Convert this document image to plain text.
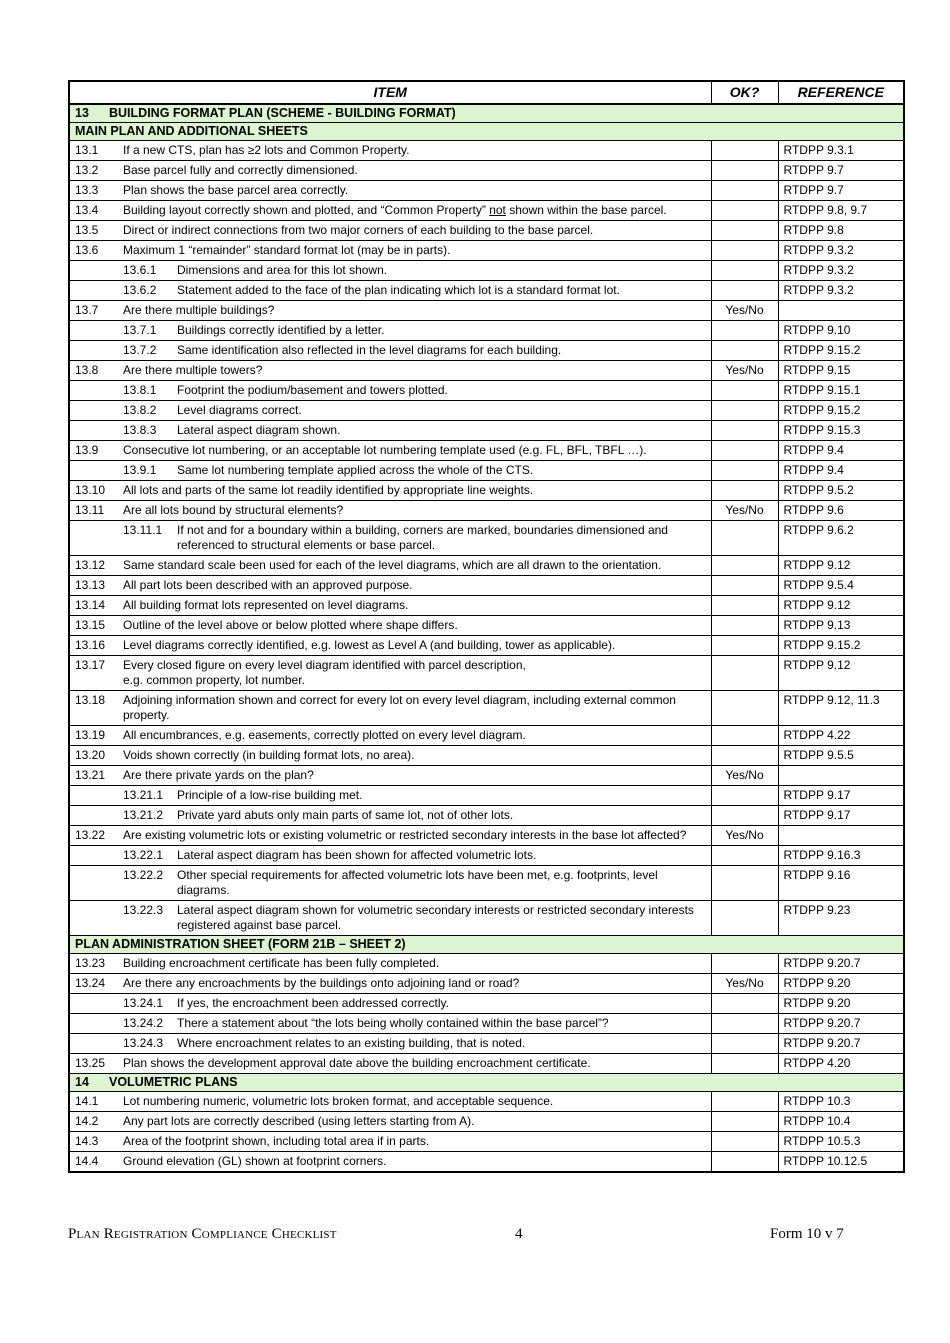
ITEM		OK?	REFERENCE
13 BUILDING FORMAT PLAN (SCHEME - BUILDING FORMAT)			
MAIN PLAN AND ADDITIONAL SHEETS			
13.1	If a new CTS, plan has ≥2 lots and Common Property.		RTDPP 9.3.1
13.2	Base parcel fully and correctly dimensioned.		RTDPP 9.7
13.3	Plan shows the base parcel area correctly.		RTDPP 9.7
13.4	Building layout correctly shown and plotted, and “Common Property” not shown within the base parcel.		RTDPP 9.8, 9.7
13.5	Direct or indirect connections from two major corners of each building to the base parcel.		RTDPP 9.8
13.6	Maximum 1 “remainder” standard format lot (may be in parts).		RTDPP 9.3.2

	13.6.1 Dimensions and area for this lot shown.		RTDPP 9.3.2

	13.6.2 Statement added to the face of the plan indicating which lot is a standard format lot.		RTDPP 9.3.2
13.7	Are there multiple buildings?	Yes/No	

	13.7.1 Buildings correctly identified by a letter.		RTDPP 9.10

	13.7.2 Same identification also reflected in the level diagrams for each building.		RTDPP 9.15.2
13.8	Are there multiple towers?	Yes/No	RTDPP 9.15

	13.8.1 Footprint the podium/basement and towers plotted.		RTDPP 9.15.1

	13.8.2 Level diagrams correct.		RTDPP 9.15.2

	13.8.3 Lateral aspect diagram shown.		RTDPP 9.15.3
13.9	Consecutive lot numbering, or an acceptable lot numbering template used (e.g. FL, BFL, TBFL …).		RTDPP 9.4

	13.9.1 Same lot numbering template applied across the whole of the CTS.		RTDPP 9.4
13.10	All lots and parts of the same lot readily identified by appropriate line weights.		RTDPP 9.5.2
13.11	Are all lots bound by structural elements?	Yes/No	RTDPP 9.6

	13.11.1 If not and for a boundary within a building, corners are marked, boundaries dimensioned and referenced to structural elements or base parcel.		RTDPP 9.6.2
13.12	Same standard scale been used for each of the level diagrams, which are all drawn to the orientation.		RTDPP 9.12
13.13	All part lots been described with an approved purpose.		RTDPP 9.5.4
13.14	All building format lots represented on level diagrams.		RTDPP 9.12
13.15	Outline of the level above or below plotted where shape differs.		RTDPP 9.13
13.16	Level diagrams correctly identified, e.g. lowest as Level A (and building, tower as applicable).		RTDPP 9.15.2
13.17	Every closed figure on every level diagram identified with parcel description,
e.g. common property, lot number.		RTDPP 9.12
13.18	Adjoining information shown and correct for every lot on every level diagram, including external common property.		RTDPP 9.12, 11.3
13.19	All encumbrances, e.g. easements, correctly plotted on every level diagram.		RTDPP 4.22
13.20	Voids shown correctly (in building format lots, no area).		RTDPP 9.5.5
13.21	Are there private yards on the plan?	Yes/No	

	13.21.1 Principle of a low-rise building met.		RTDPP 9.17

	13.21.2 Private yard abuts only main parts of same lot, not of other lots.		RTDPP 9.17
13.22	Are existing volumetric lots or existing volumetric or restricted secondary interests in the base lot affected?	Yes/No	

	13.22.1 Lateral aspect diagram has been shown for affected volumetric lots.		RTDPP 9.16.3

	13.22.2 Other special requirements for affected volumetric lots have been met, e.g. footprints, level diagrams.		RTDPP 9.16

	13.22.3 Lateral aspect diagram shown for volumetric secondary interests or restricted secondary interests registered against base parcel.		RTDPP 9.23
PLAN ADMINISTRATION SHEET (FORM 21B – SHEET 2)			
13.23	Building encroachment certificate has been fully completed.		RTDPP 9.20.7
13.24	Are there any encroachments by the buildings onto adjoining land or road?	Yes/No	RTDPP 9.20

	13.24.1 If yes, the encroachment been addressed correctly.		RTDPP 9.20

	13.24.2 There a statement about “the lots being wholly contained within the base parcel”?		RTDPP 9.20.7

	13.24.3 Where encroachment relates to an existing building, that is noted.		RTDPP 9.20.7
13.25	Plan shows the development approval date above the building encroachment certificate.		RTDPP 4.20
14 VOLUMETRIC PLANS			
14.1	Lot numbering numeric, volumetric lots broken format, and acceptable sequence.		RTDPP 10.3
14.2	Any part lots are correctly described (using letters starting from A).		RTDPP 10.4
14.3	Area of the footprint shown, including total area if in parts.		RTDPP 10.5.3
14.4	Ground elevation (GL) shown at footprint corners.		RTDPP 10.12.5
Plan Registration Compliance Checklist	4	Form 10 v 7
